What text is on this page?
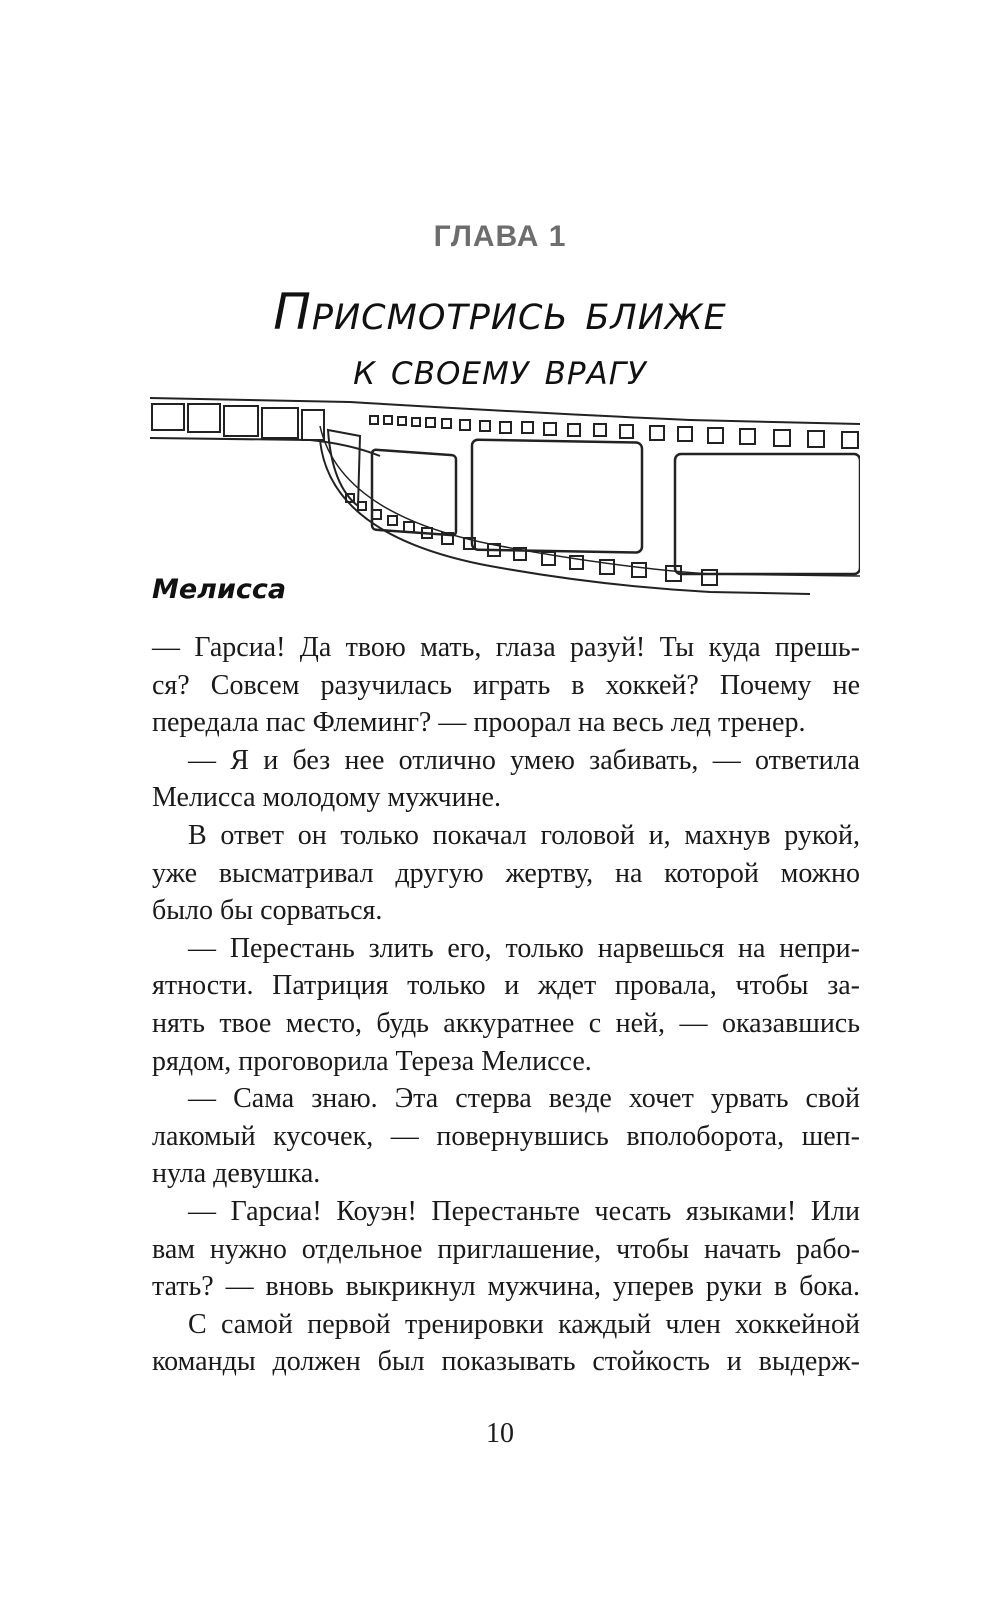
ГЛАВА 1
Присмотрись ближе
к своему врагу
Мелисса
— Гарсиа! Да твою мать, глаза разуй! Ты куда прешь-
ся? Совсем разучилась играть в хоккей? Почему не
передала пас Флеминг? — проорал на весь лед тренер.
— Я и без нее отлично умею забивать, — ответила
Мелисса молодому мужчине.
В ответ он только покачал головой и, махнув рукой,
уже высматривал другую жертву, на которой можно
было бы сорваться.
— Перестань злить его, только нарвешься на непри-
ятности. Патриция только и ждет провала, чтобы за-
нять твое место, будь аккуратнее с ней, — оказавшись
рядом, проговорила Тереза Мелиссе.
— Сама знаю. Эта стерва везде хочет урвать свой
лакомый кусочек, — повернувшись вполоборота, шеп-
нула девушка.
— Гарсиа! Коуэн! Перестаньте чесать языками! Или
вам нужно отдельное приглашение, чтобы начать рабо-
тать? — вновь выкрикнул мужчина, уперев руки в бока.
С самой первой тренировки каждый член хоккейной
команды должен был показывать стойкость и выдерж-
10
